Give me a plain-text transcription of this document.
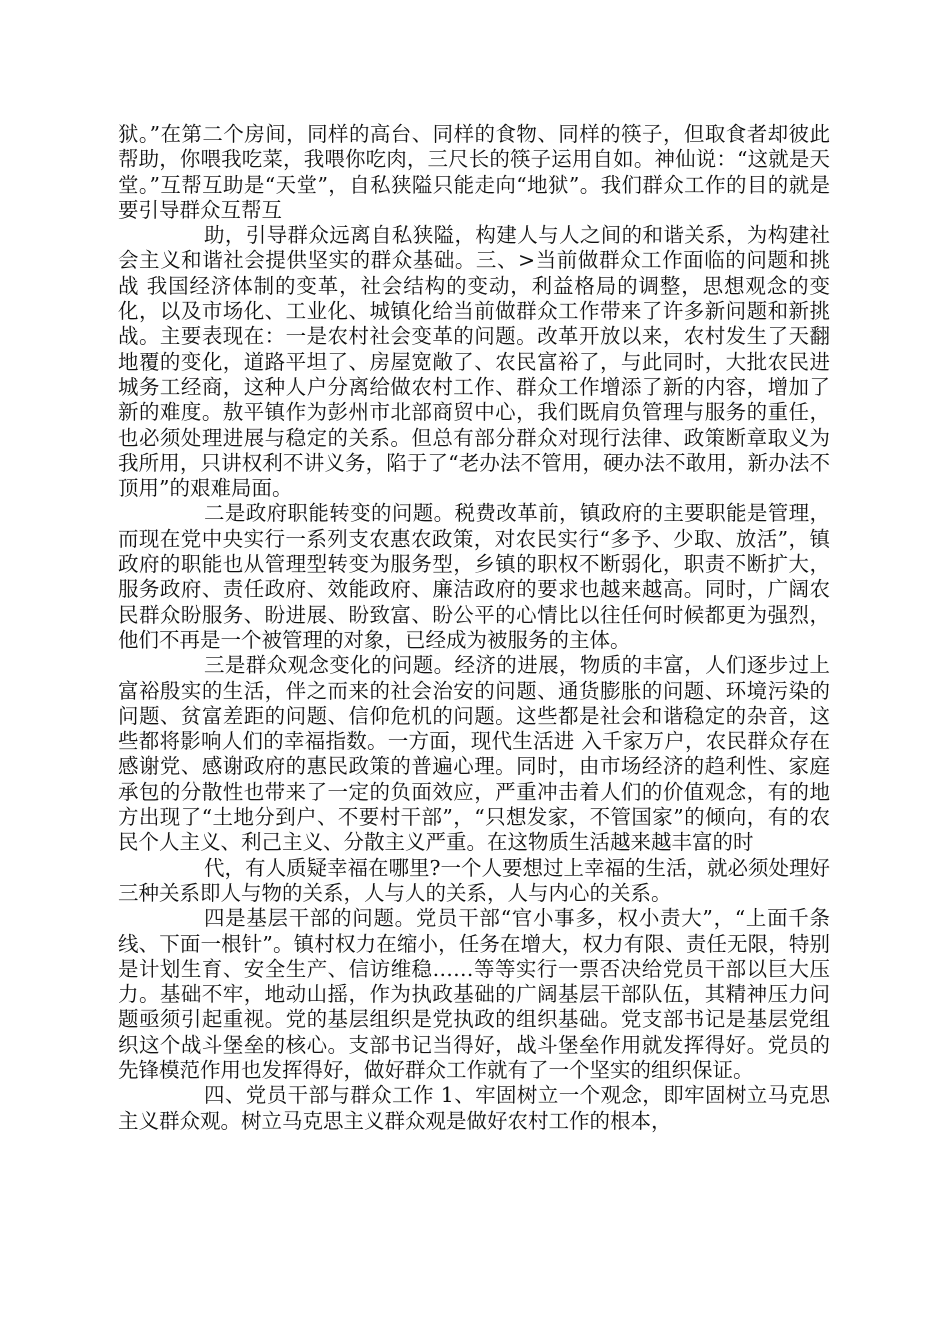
狱。”在第二个房间，同样的高台、同样的食物、同样的筷子，但取食者却彼此帮助，你喂我吃菜，我喂你吃肉，三尺长的筷子运用自如。神仙说：“这就是天堂。”互帮互助是“天堂”，自私狭隘只能走向“地狱”。我们群众工作的目的就是要引导群众互帮互

助，引导群众远离自私狭隘，构建人与人之间的和谐关系，为构建社会主义和谐社会提供坚实的群众基础。三、>当前做群众工作面临的问题和挑战 我国经济体制的变革，社会结构的变动，利益格局的调整，思想观念的变化，以及市场化、工业化、城镇化给当前做群众工作带来了许多新问题和新挑战。主要表现在：一是农村社会变革的问题。改革开放以来，农村发生了天翻地覆的变化，道路平坦了、房屋宽敞了、农民富裕了，与此同时，大批农民进城务工经商，这种人户分离给做农村工作、群众工作增添了新的内容，增加了新的难度。敖平镇作为彭州市北部商贸中心，我们既肩负管理与服务的重任，也必须处理进展与稳定的关系。但总有部分群众对现行法律、政策断章取义为我所用，只讲权利不讲义务，陷于了“老办法不管用，硬办法不敢用，新办法不顶用”的艰难局面。

二是政府职能转变的问题。税费改革前，镇政府的主要职能是管理，而现在党中央实行一系列支农惠农政策，对农民实行“多予、少取、放活”，镇政府的职能也从管理型转变为服务型，乡镇的职权不断弱化，职责不断扩大，服务政府、责任政府、效能政府、廉洁政府的要求也越来越高。同时，广阔农民群众盼服务、盼进展、盼致富、盼公平的心情比以往任何时候都更为强烈，他们不再是一个被管理的对象，已经成为被服务的主体。

三是群众观念变化的问题。经济的进展，物质的丰富，人们逐步过上富裕殷实的生活，伴之而来的社会治安的问题、通货膨胀的问题、环境污染的问题、贫富差距的问题、信仰危机的问题。这些都是社会和谐稳定的杂音，这些都将影响人们的幸福指数。一方面，现代生活进 入千家万户，农民群众存在感谢党、感谢政府的惠民政策的普遍心理。同时，由市场经济的趋利性、家庭承包的分散性也带来了一定的负面效应，严重冲击着人们的价值观念，有的地方出现了“土地分到户、不要村干部”，“只想发家，不管国家”的倾向，有的农民个人主义、利己主义、分散主义严重。在这物质生活越来越丰富的时

代，有人质疑幸福在哪里?一个人要想过上幸福的生活，就必须处理好三种关系即人与物的关系，人与人的关系，人与内心的关系。

四是基层干部的问题。党员干部“官小事多，权小责大”，“上面千条线、下面一根针”。镇村权力在缩小，任务在增大，权力有限、责任无限，特别是计划生育、安全生产、信访维稳……等等实行一票否决给党员干部以巨大压力。基础不牢，地动山摇，作为执政基础的广阔基层干部队伍，其精神压力问题亟须引起重视。党的基层组织是党执政的组织基础。党支部书记是基层党组织这个战斗堡垒的核心。支部书记当得好，战斗堡垒作用就发挥得好。党员的先锋模范作用也发挥得好，做好群众工作就有了一个坚实的组织保证。

四、党员干部与群众工作 1、牢固树立一个观念，即牢固树立马克思主义群众观。树立马克思主义群众观是做好农村工作的根本，
